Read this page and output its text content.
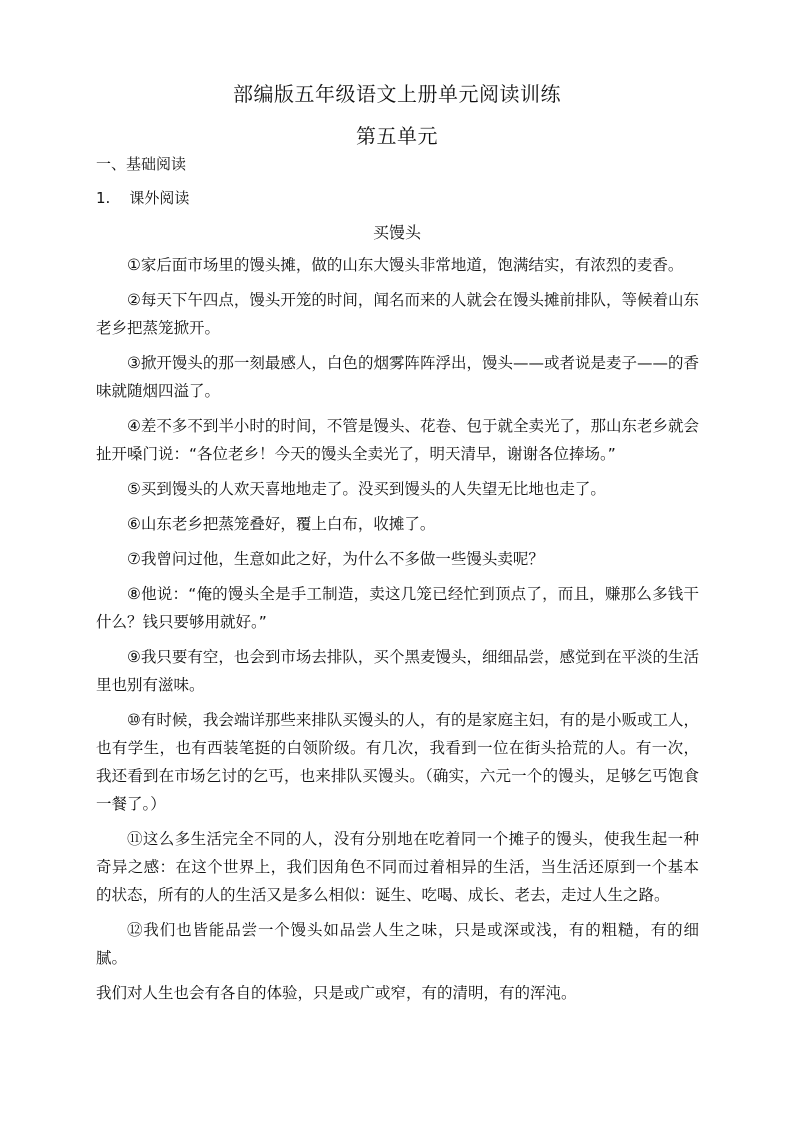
部编版五年级语文上册单元阅读训练
第五单元
一、基础阅读
1.    课外阅读
买馒头

①家后面市场里的馒头摊，做的山东大馒头非常地道，饱满结实，有浓烈的麦香。

②每天下午四点，馒头开笼的时间，闻名而来的人就会在馒头摊前排队，等候着山东老乡把蒸笼掀开。

③掀开馒头的那一刻最感人，白色的烟雾阵阵浮出，馒头——或者说是麦子——的香味就随烟四溢了。

④差不多不到半小时的时间，不管是馒头、花卷、包于就全卖光了，那山东老乡就会扯开嗓门说：“各位老乡！今天的馒头全卖光了，明天清早，谢谢各位捧场。”

⑤买到馒头的人欢天喜地地走了。没买到馒头的人失望无比地也走了。

⑥山东老乡把蒸笼叠好，覆上白布，收摊了。

⑦我曾问过他，生意如此之好，为什么不多做一些馒头卖呢？

⑧他说：“俺的馒头全是手工制造，卖这几笼已经忙到顶点了，而且，赚那么多钱干什么？钱只要够用就好。”

⑨我只要有空，也会到市场去排队，买个黑麦馒头，细细品尝，感觉到在平淡的生活里也别有滋味。

⑩有时候，我会端详那些来排队买馒头的人，有的是家庭主妇，有的是小贩或工人，也有学生，也有西装笔挺的白领阶级。有几次，我看到一位在街头拾荒的人。有一次，我还看到在市场乞讨的乞丐，也来排队买馒头。（确实，六元一个的馒头，足够乞丐饱食一餐了。）

⑪这么多生活完全不同的人，没有分别地在吃着同一个摊子的馒头，使我生起一种奇异之感：在这个世界上，我们因角色不同而过着相异的生活，当生活还原到一个基本的状态，所有的人的生活又是多么相似：诞生、吃喝、成长、老去，走过人生之路。

⑫我们也皆能品尝一个馒头如品尝人生之味，只是或深或浅，有的粗糙，有的细腻。

我们对人生也会有各自的体验，只是或广或窄，有的清明，有的浑沌。
